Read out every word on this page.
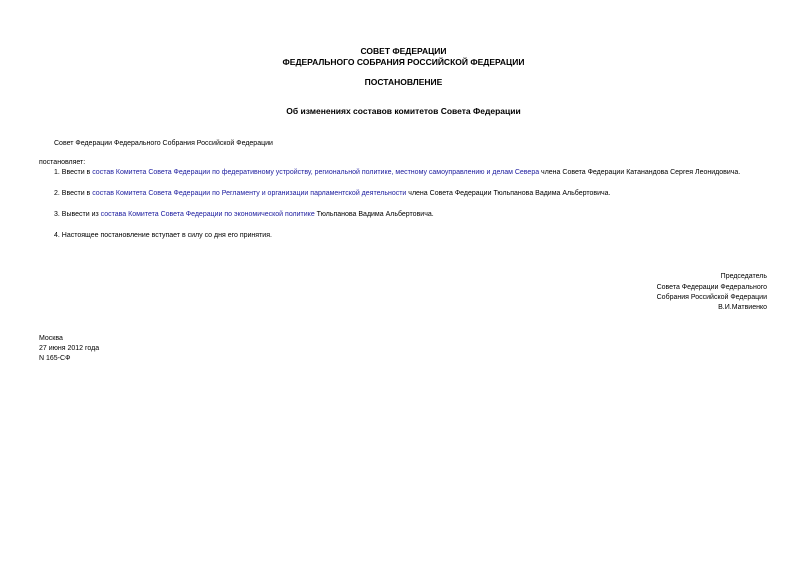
СОВЕТ ФЕДЕРАЦИИ
ФЕДЕРАЛЬНОГО СОБРАНИЯ РОССИЙСКОЙ ФЕДЕРАЦИИ
ПОСТАНОВЛЕНИЕ
Об изменениях составов комитетов Совета Федерации
Совет Федерации Федерального Собрания Российской Федерации
постановляет:
1. Ввести в состав Комитета Совета Федерации по федеративному устройству, региональной политике, местному самоуправлению и делам Севера члена Совета Федерации Катанандова Сергея Леонидовича.
2. Ввести в состав Комитета Совета Федерации по Регламенту и организации парламентской деятельности члена Совета Федерации Тюльпанова Вадима Альбертовича.
3. Вывести из состава Комитета Совета Федерации по экономической политике Тюльпанова Вадима Альбертовича.
4. Настоящее постановление вступает в силу со дня его принятия.
Председатель
Совета Федерации Федерального
Собрания Российской Федерации
В.И.Матвиенко
Москва
27 июня 2012 года
N 165-СФ
